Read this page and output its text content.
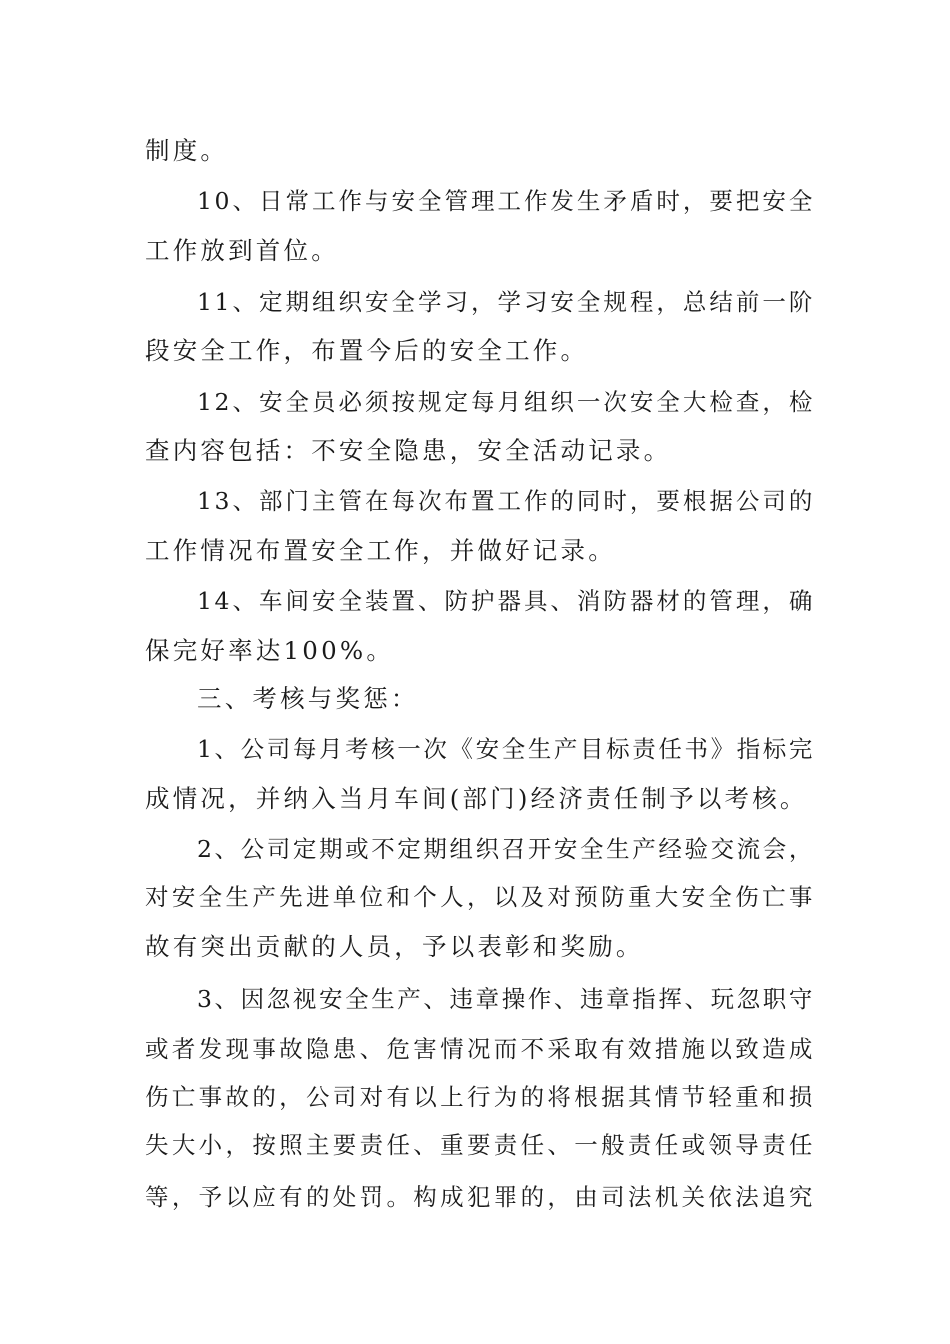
制度。
10、日常工作与安全管理工作发生矛盾时，要把安全
工作放到首位。
11、定期组织安全学习，学习安全规程，总结前一阶
段安全工作，布置今后的安全工作。
12、安全员必须按规定每月组织一次安全大检查，检
查内容包括：不安全隐患，安全活动记录。
13、部门主管在每次布置工作的同时，要根据公司的
工作情况布置安全工作，并做好记录。
14、车间安全装置、防护器具、消防器材的管理，确
保完好率达100%。
三、考核与奖惩：
1、公司每月考核一次《安全生产目标责任书》指标完
成情况，并纳入当月车间(部门)经济责任制予以考核。
2、公司定期或不定期组织召开安全生产经验交流会，
对安全生产先进单位和个人，以及对预防重大安全伤亡事
故有突出贡献的人员，予以表彰和奖励。
3、因忽视安全生产、违章操作、违章指挥、玩忽职守
或者发现事故隐患、危害情况而不采取有效措施以致造成
伤亡事故的，公司对有以上行为的将根据其情节轻重和损
失大小，按照主要责任、重要责任、一般责任或领导责任
等，予以应有的处罚。构成犯罪的，由司法机关依法追究
